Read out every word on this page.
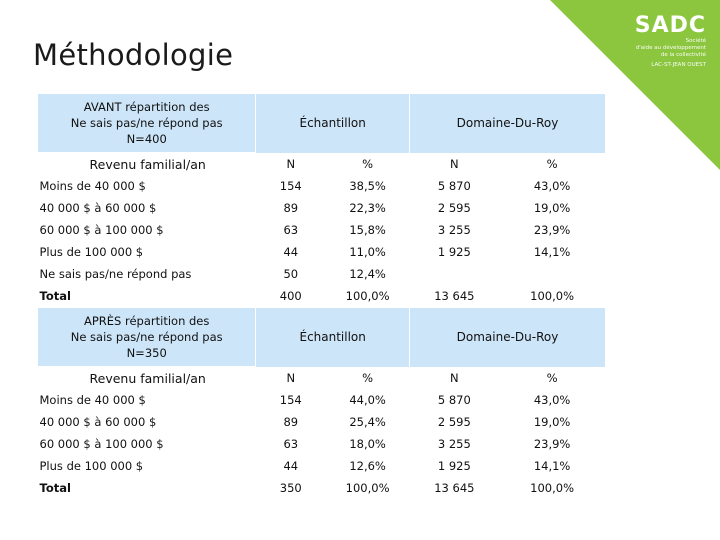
Méthodologie
SADC
Société
d'aide au développement
de la collectivité
LAC-ST-JEAN OUEST
AVANT répartition des
Ne sais pas/ne répond pas
N=400	Échantillon		Domaine-Du-Roy	
Revenu familial/an	N	%	N	%
Moins de 40 000 $	154	38,5%	5 870	43,0%
40 000 $ à 60 000 $	89	22,3%	2 595	19,0%
60 000 $ à 100 000 $	63	15,8%	3 255	23,9%
Plus de 100 000 $	44	11,0%	1 925	14,1%
Ne sais pas/ne répond pas	50	12,4%		
Total	400	100,0%	13 645	100,0%

APRÈS répartition des
Ne sais pas/ne répond pas
N=350	Échantillon		Domaine-Du-Roy	
Revenu familial/an	N	%	N	%
Moins de 40 000 $	154	44,0%	5 870	43,0%
40 000 $ à 60 000 $	89	25,4%	2 595	19,0%
60 000 $ à 100 000 $	63	18,0%	3 255	23,9%
Plus de 100 000 $	44	12,6%	1 925	14,1%
Total	350	100,0%	13 645	100,0%
